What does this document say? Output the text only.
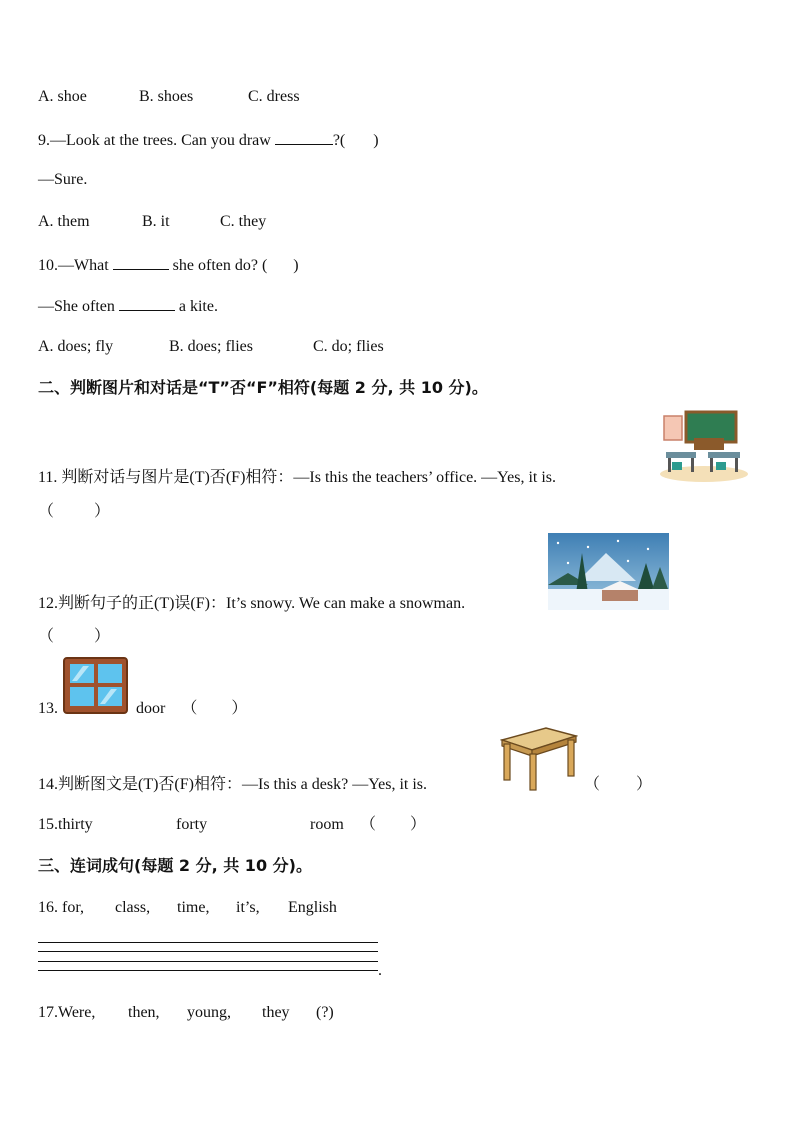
A. shoe	B. shoes	C. dress
9.—Look at the trees. Can you draw	?( )
—Sure.
A. them	B. it	C. they
10.—What	she often do? ( )
—She often	a kite.
A. does; fly	B. does; flies	C. do; flies
二、判断图片和对话是“T”否“F”相符(每题 2 分, 共 10 分)。
11. 判断对话与图片是(T)否(F)相符：—Is this the teachers’ office. —Yes, it is.
（	）
12.判断句子的正(T)误(F)：It’s snowy. We can make a snowman.
（	）
13.	door （ ）
14.判断图文是(T)否(F)相符：—Is this a desk? —Yes, it is.	（ ）
15.thirty	forty	room （ ）
三、连词成句(每题 2 分, 共 10 分)。
16. for, class, time, it’s, English
.
17.Were, then, young, they (?)
